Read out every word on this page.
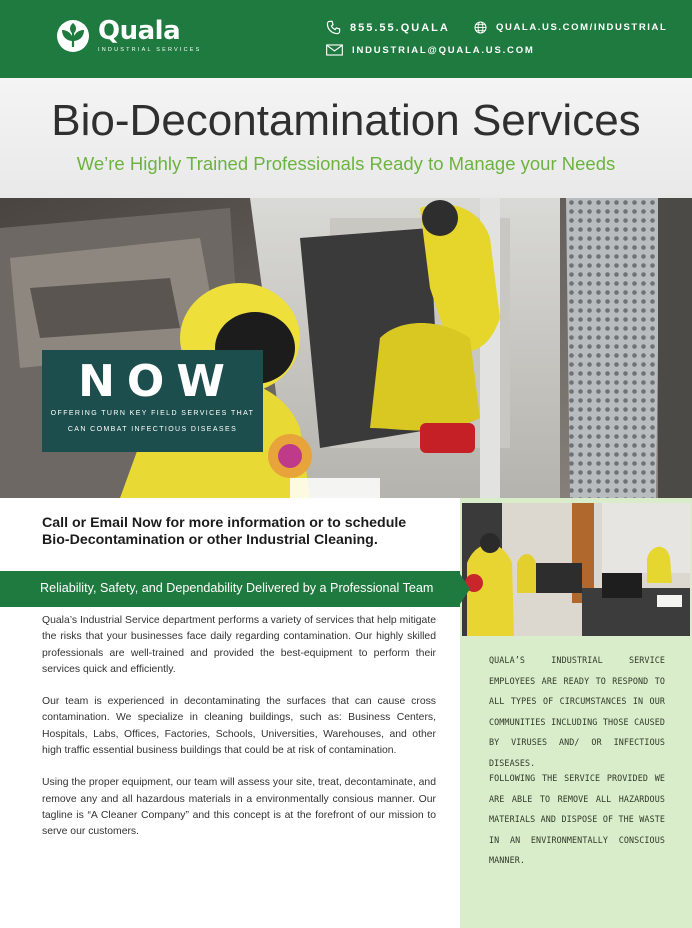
Quala
INDUSTRIAL SERVICES
855.55.QUALA	QUALA.US.COM/INDUSTRIAL
INDUSTRIAL@QUALA.US.COM
Bio-Decontamination Services
We’re Highly Trained Professionals Ready to Manage your Needs
NOW
OFFERING TURN KEY FIELD SERVICES THAT
CAN COMBAT INFECTIOUS DISEASES
QUALA’S INDUSTRIAL SERVICE EMPLOYEES ARE READY TO RESPOND TO ALL TYPES OF CIRCUMSTANCES IN OUR COMMUNITIES INCLUDING THOSE CAUSED BY VIRUSES AND/ OR INFECTIOUS DISEASES.
FOLLOWING THE SERVICE PROVIDED WE ARE ABLE TO REMOVE ALL HAZARDOUS MATERIALS AND DISPOSE OF THE WASTE IN AN ENVIRONMENTALLY CONSCIOUS MANNER.
Call or Email Now for more information or to schedule
Bio-Decontamination or other Industrial Cleaning.
Reliability, Safety, and Dependability Delivered by a Professional Team

Quala’s Industrial Service department performs a variety of services that help mitigate the risks that your businesses face daily regarding contamination. Our highly skilled professionals are well-trained and provided the best-equipment to perform their services quick and efficiently.

Our team is experienced in decontaminating the surfaces that can cause cross contamination. We specialize in cleaning buildings, such as: Business Centers, Hospitals, Labs, Offices, Factories, Schools, Universities, Warehouses, and other high traffic essential business buildings that could be at risk of contamination.

Using the proper equipment, our team will assess your site, treat, decontaminate, and remove any and all hazardous materials in a environmentally consious manner. Our tagline is “A Cleaner Company” and this concept is at the forefront of our mission to serve our customers.
